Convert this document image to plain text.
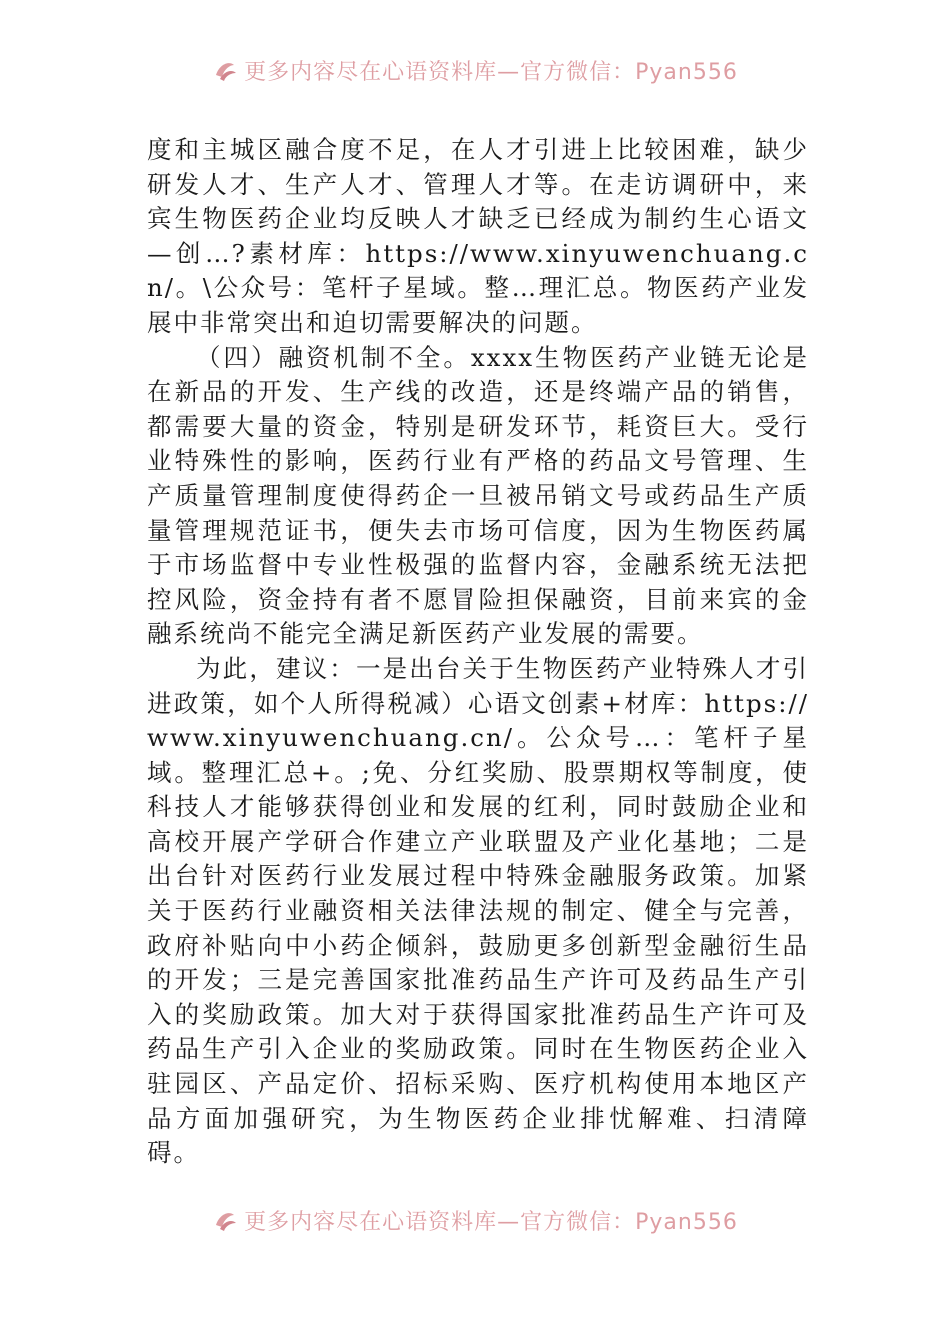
更多内容尽在心语资料库—官方微信：Pyan556

度和主城区融合度不足，在人才引进上比较困难，缺少研发人才、生产人才、管理人才等。在走访调研中，来宾生物医药企业均反映人才缺乏已经成为制约生心语文—创…?素材库：https://www.xinyuwenchuang.cn/。\公众号：笔杆子星域。整…理汇总。物医药产业发展中非常突出和迫切需要解决的问题。

（四）融资机制不全。xxxx生物医药产业链无论是在新品的开发、生产线的改造，还是终端产品的销售，都需要大量的资金，特别是研发环节，耗资巨大。受行业特殊性的影响，医药行业有严格的药品文号管理、生产质量管理制度使得药企一旦被吊销文号或药品生产质量管理规范证书，便失去市场可信度，因为生物医药属于市场监督中专业性极强的监督内容，金融系统无法把控风险，资金持有者不愿冒险担保融资，目前来宾的金融系统尚不能完全满足新医药产业发展的需要。

为此，建议：一是出台关于生物医药产业特殊人才引进政策，如个人所得税减）心语文创素+材库：https://www.xinyuwenchuang.cn/。公众号…：笔杆子星域。整理汇总+。;免、分红奖励、股票期权等制度，使科技人才能够获得创业和发展的红利，同时鼓励企业和高校开展产学研合作建立产业联盟及产业化基地；二是出台针对医药行业发展过程中特殊金融服务政策。加紧关于医药行业融资相关法律法规的制定、健全与完善，政府补贴向中小药企倾斜，鼓励更多创新型金融衍生品的开发；三是完善国家批准药品生产许可及药品生产引入的奖励政策。加大对于获得国家批准药品生产许可及药品生产引入企业的奖励政策。同时在生物医药企业入驻园区、产品定价、招标采购、医疗机构使用本地区产品方面加强研究，为生物医药企业排忧解难、扫清障碍。

更多内容尽在心语资料库—官方微信：Pyan556
